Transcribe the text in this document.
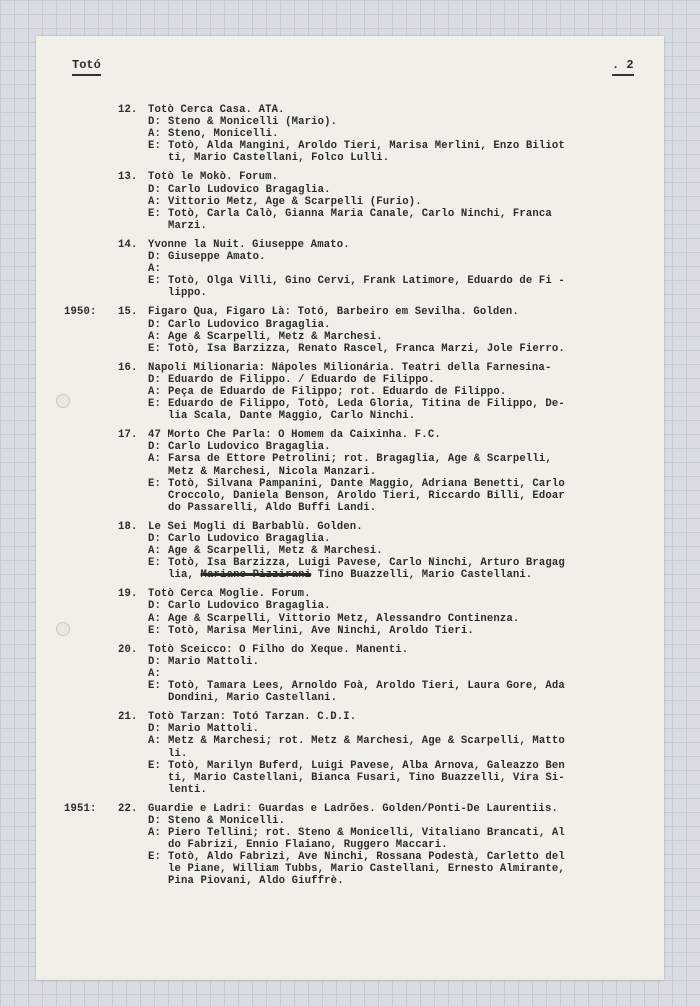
Totó	. 2
12. Totò Cerca Casa. ATA.
D: Steno & Monicelli (Mario).
A: Steno, Monicelli.
E: Totò, Alda Mangini, Aroldo Tieri, Marisa Merlini, Enzo Biliot
ti, Mario Castellani, Folco Lulli.
13. Totò le Mokò. Forum.
D: Carlo Ludovico Bragaglia.
A: Vittorio Metz, Age & Scarpelli (Furio).
E: Totò, Carla Calò, Gianna Maria Canale, Carlo Ninchi, Franca
Marzi.
14. Yvonne la Nuit. Giuseppe Amato.
D: Giuseppe Amato.
A:
E: Totò, Olga Villi, Gino Cervi, Frank Latimore, Eduardo de Fi -
lippo.
1950: 15. Figaro Qua, Figaro Là: Totó, Barbeiro em Sevilha. Golden.
D: Carlo Ludovico Bragaglia.
A: Age & Scarpelli, Metz & Marchesi.
E: Totò, Isa Barzizza, Renato Rascel, Franca Marzi, Jole Fierro.
16. Napoli Milionaria: Nápoles Milionária. Teatri della Farnesina-
D: Eduardo de Filippo. / Eduardo de Filippo.
A: Peça de Eduardo de Filippo; rot. Eduardo de Filippo.
E: Eduardo de Filippo, Totò, Leda Gloria, Titina de Filippo, De-
lia Scala, Dante Maggio, Carlo Ninchi.
17. 47 Morto Che Parla: O Homem da Caixinha. F.C.
D: Carlo Ludovico Bragaglia.
A: Farsa de Ettore Petrolini; rot. Bragaglia, Age & Scarpelli,
Metz & Marchesi, Nicola Manzari.
E: Totò, Silvana Pampanini, Dante Maggio, Adriana Benetti, Carlo
Croccolo, Daniela Benson, Aroldo Tieri, Riccardo Billi, Edoar
do Passarelli, Aldo Buffi Landi.
18. Le Sei Mogli di Barbablù. Golden.
D: Carlo Ludovico Bragaglia.
A: Age & Scarpelli, Metz & Marchesi.
E: Totò, Isa Barzizza, Luigi Pavese, Carlo Ninchi, Arturo Bragag
lia, Mariano Pizzirani Tino Buazzelli, Mario Castellani.
19. Totò Cerca Moglie. Forum.
D: Carlo Ludovico Bragaglia.
A: Age & Scarpelli, Vittorio Metz, Alessandro Continenza.
E: Totò, Marisa Merlini, Ave Ninchi, Aroldo Tieri.
20. Totò Sceicco: O Filho do Xeque. Manenti.
D: Mario Mattoli.
A:
E: Totò, Tamara Lees, Arnoldo Foà, Aroldo Tieri, Laura Gore, Ada
Dondini, Mario Castellani.
21. Totò Tarzan: Totó Tarzan. C.D.I.
D: Mario Mattoli.
A: Metz & Marchesi; rot. Metz & Marchesi, Age & Scarpelli, Matto
li.
E: Totò, Marilyn Buferd, Luigi Pavese, Alba Arnova, Galeazzo Ben
ti, Mario Castellani, Bianca Fusari, Tino Buazzelli, Vira Si-
lenti.
1951: 22. Guardie e Ladri: Guardas e Ladrões. Golden/Ponti-De Laurentiis.
D: Steno & Monicelli.
A: Piero Tellini; rot. Steno & Monicelli, Vitaliano Brancati, Al
do Fabrizi, Ennio Flaiano, Ruggero Maccari.
E: Totò, Aldo Fabrizi, Ave Ninchi, Rossana Podestà, Carletto del
le Piane, William Tubbs, Mario Castellani, Ernesto Almirante,
Pina Piovani, Aldo Giuffrè.
